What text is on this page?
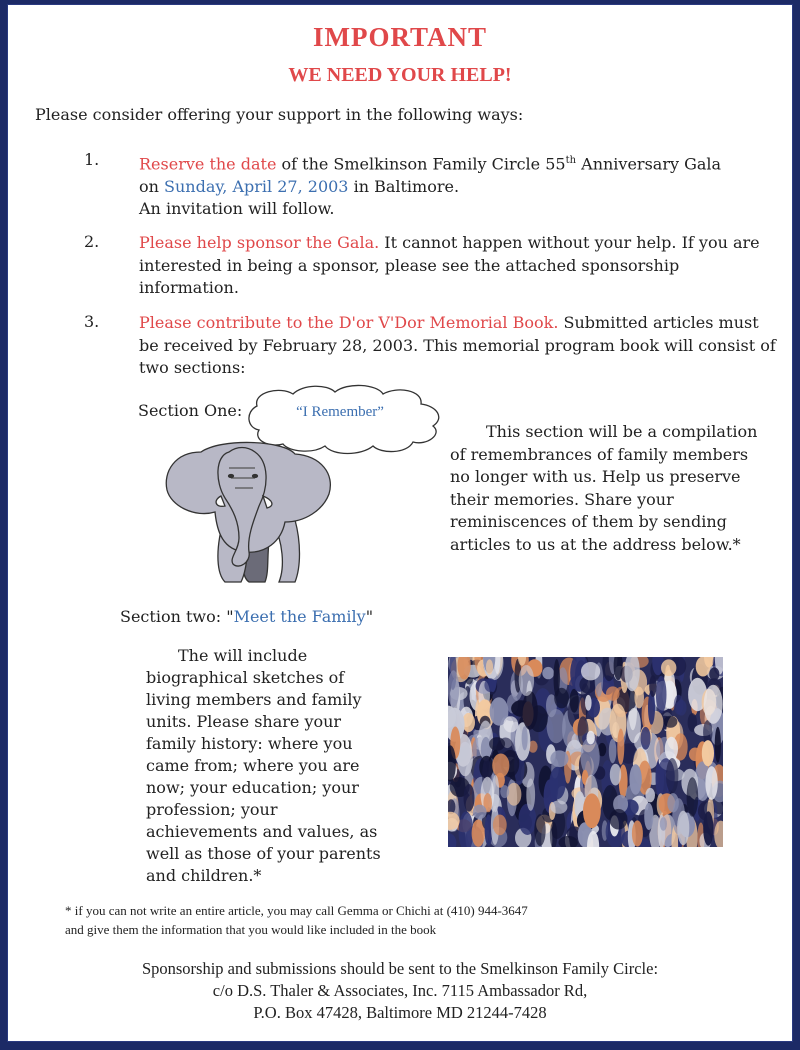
IMPORTANT
WE NEED YOUR HELP!
Please consider offering your support in the following ways:
1. Reserve the date of the Smelkinson Family Circle 55th Anniversary Gala
on Sunday, April 27, 2003 in Baltimore.
An invitation will follow.
2. Please help sponsor the Gala. It cannot happen without your help. If you are interested in being a sponsor, please see the attached sponsorship information.
3. Please contribute to the D'or V'Dor Memorial Book. Submitted articles must be received by February 28, 2003. This memorial program book will consist of two sections:
Section One:	“I Remember”
This section will be a compilation of remembrances of family members no longer with us. Help us preserve their memories. Share your reminiscences of them by sending articles to us at the address below.*
Section two: "Meet the Family"
The will include biographical sketches of living members and family units. Please share your family history: where you came from; where you are now; your education; your profession; your achievements and values, as well as those of your parents and children.*
* if you can not write an entire article, you may call Gemma or Chichi at (410) 944-3647
and give them the information that you would like included in the book
Sponsorship and submissions should be sent to the Smelkinson Family Circle:
c/o D.S. Thaler & Associates, Inc. 7115 Ambassador Rd,
P.O. Box 47428, Baltimore MD 21244-7428
